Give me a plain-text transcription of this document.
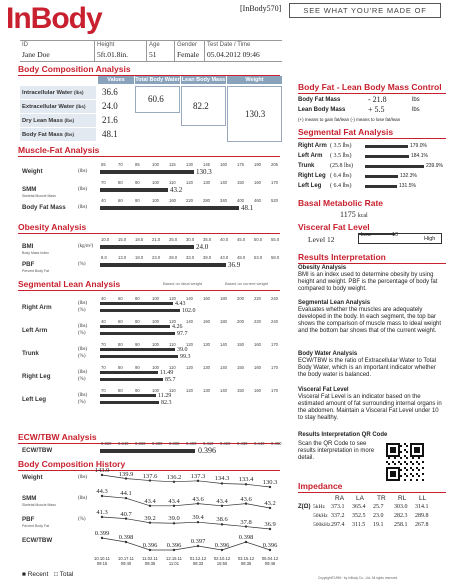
InBody	[InBody570]	SEE WHAT YOU'RE MADE OF
ID
Jane Doe
Height
5ft.01.8in.
Age
51
Gender
Female
Test Date / Time
05.04.2012 09:46
Body Composition Analysis
Values	Total Body Water Lean Body Mass	Weight
60.6
82.2
130.3
Muscle-Fat Analysis
Obesity Analysis
Segmental Lean Analysis	Based on ideal weight	Based on current weight
ECW/TBW Analysis
Body Composition History
■ Recent □ Total
Body Fat - Lean Body Mass Control
Body Fat Mass	- 21.8	lbs
Lean Body Mass	+ 5.5	lbs
(+) means to gain fat/lean (-) means to lose fat/lean
Segmental Fat Analysis
Basal Metabolic Rate
1175 kcal
Visceral Fat Level
Level 12	Low	10
High
Results Interpretation
Obesity Analysis
BMI is an index used to determine obesity by using height and weight. PBF is the percentage of body fat compared to body weight.
Segmental Lean Analysis
Evaluates whether the muscles are adequately developed in the body. In each segment, the top bar shows the comparison of muscle mass to ideal weight and the bottom bar shows that of the current weight.
Body Water Analysis
ECW/TBW is the ratio of Extracellular Water to Total Body Water, which is an important indicator whether the body water is balanced.
Visceral Fat Level
Visceral Fat Level is an indicator based on the estimated amount of fat surrounding internal organs in the abdomen. Maintain a Visceral Fat Level under 10 to stay healthy.
Results Interpretation QR Code
Scan the QR Code to see results interpretation in more detail.
Impedance
Copyright©1996~ by InBody Co., Ltd. All rights reserved.
Intracellular Water (lbs)	36.6
Extracellular Water (lbs)	24.0
Dry Lean Mass (lbs)	21.6
Body Fat Mass (lbs)	48.1
Weight	(lbs)
55	70	85	100 115 130 145 160 175 190 205
130.3
SMM
Skeletal Muscle Mass
(lbs)
70	80	90	100 110 120 130 140 150 160 170
43.2
Body Fat Mass	(lbs)
40	60	80	100 160 220 280 340 400 460 520
48.1
BMI
Body Mass Index
(kg/m²)
10.0 15.0 18.5 21.0 25.0 30.0 35.0 40.0 45.0 50.0 55.0
24.0
PBF
Percent Body Fat
(%)
8.0	13.0 18.0 23.0 28.0 33.0 38.0 43.0 48.0 53.0 58.0
36.9
Right Arm
(lbs)
(%)
40	60	80	100 120 140 160 180 200 220 240
4.43
102.0
Left Arm
(lbs)
(%)
40	60	80	100 120 140 160 180 200 220 240
4.26
97.7
Trunk
(lbs)
(%)
70	80	90	100 110 120 130 140 150 160 170
39.0
99.3
Right Leg
(lbs)
(%)
70	80	90	100 110 120 130 140 150 160 170
11.49
85.7
Left Leg
(lbs)
(%)
70	80	90	100 110 120 130 140 150 160 170
11.29
82.3
ECW/TBW
0.320 0.340 0.360 0.380 0.390 0.400 0.410 0.420 0.430 0.440 0.450
0.396
Weight	(lbs)
143.9
139.9	137.6	136.2	137.3	134.3	133.4	130.3
SMM
Skeletal Muscle Mass
(lbs)
44.3	44.1
43.4	43.4	43.6	43.4	43.6
43.2
PBF
Percent Body Fat
(%)
41.3	40.7
39.2	39.0	39.4	38.6	37.8	36.9
ECW/TBW
0.399
0.398
0.396	0.396
0.397
0.396
0.398
0.396
10.10.11
09:15
10.17.11
09:40
11.02.11
09:35
12.15.11
11:01
01.12.12
08:33
02.10.12
15:50
03.15.12
08:35
05.04.12
09:46
Right Arm ( 3.5 lbs)	179.0%
Left Arm ( 3.5 lbs)	184.1%
Trunk	(25.8 lbs)	239.9%
Right Leg ( 6.4 lbs)	132.3%
Left Leg ( 6.4 lbs)	131.5%
RA LA TR RL LL
Z(Ω) 5kHz 373.1 365.4 25.7 303.0 314.1
50kHz 337.2 352.5 23.0 282.3 289.8
500kHz 297.4 311.5 19.1 258.1 267.8
